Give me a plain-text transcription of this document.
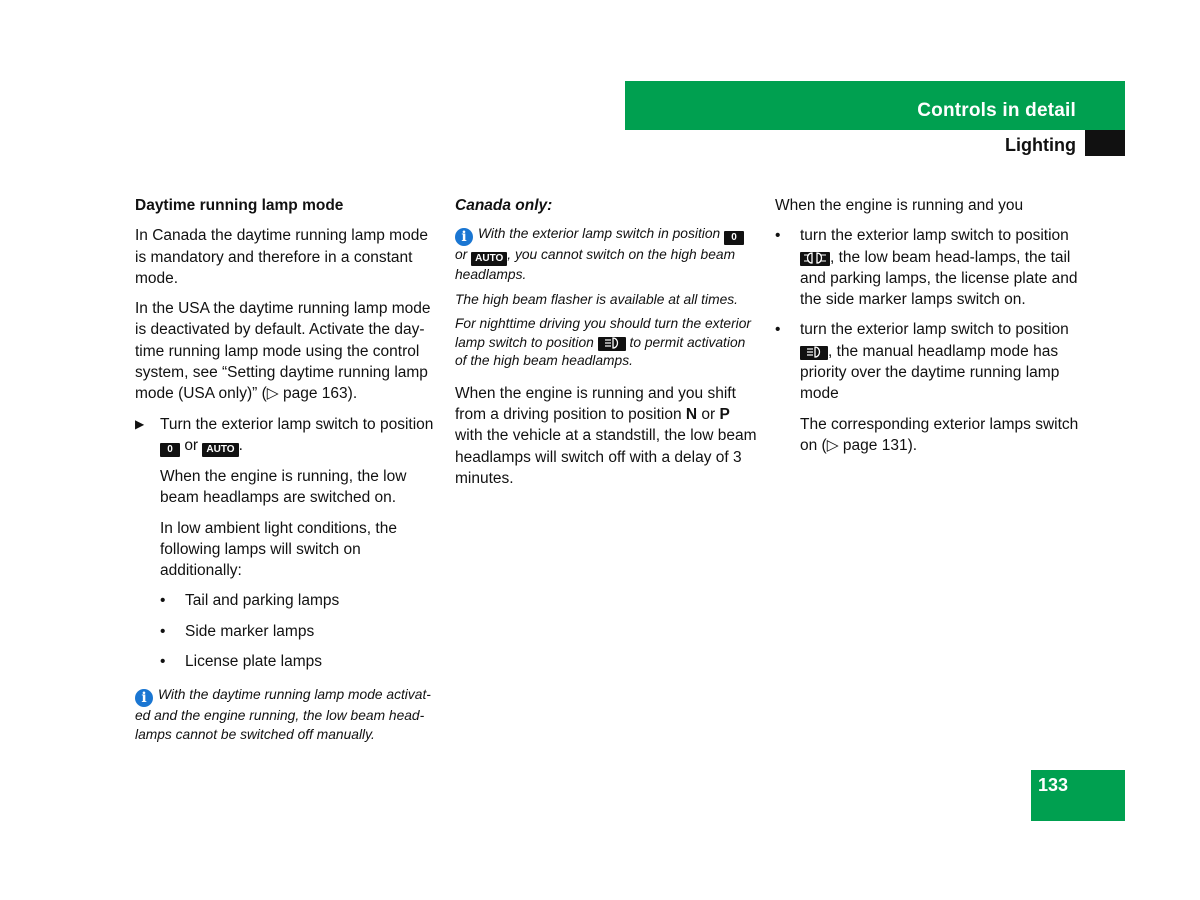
Controls in detail
Lighting

Daytime running lamp mode

In Canada the daytime running lamp mode is mandatory and therefore in a constant mode.

In the USA the daytime running lamp mode is deactivated by default. Activate the day-time running lamp mode using the control system, see “Setting daytime running lamp mode (USA only)” (▷ page 163).

▶ Turn the exterior lamp switch to position 0 or AUTO .

When the engine is running, the low beam headlamps are switched on.

In low ambient light conditions, the following lamps will switch on additionally:

• Tail and parking lamps

• Side marker lamps

• License plate lamps

i With the daytime running lamp mode activat-ed and the engine running, the low beam head-lamps cannot be switched off manually.

Canada only:

i With the exterior lamp switch in position 0 or AUTO , you cannot switch on the high beam headlamps.

The high beam flasher is available at all times.

For nighttime driving you should turn the exterior lamp switch to position	to permit activation of the high beam headlamps.

When the engine is running and you shift from a driving position to position N or P with the vehicle at a standstill, the low beam headlamps will switch off with a delay of 3 minutes.

When the engine is running and you

• turn the exterior lamp switch to position , the low beam head-lamps, the tail and parking lamps, the license plate and the side marker lamps switch on.

• turn the exterior lamp switch to position , the manual headlamp mode has priority over the daytime running lamp mode

The corresponding exterior lamps switch on (▷ page 131).

133
